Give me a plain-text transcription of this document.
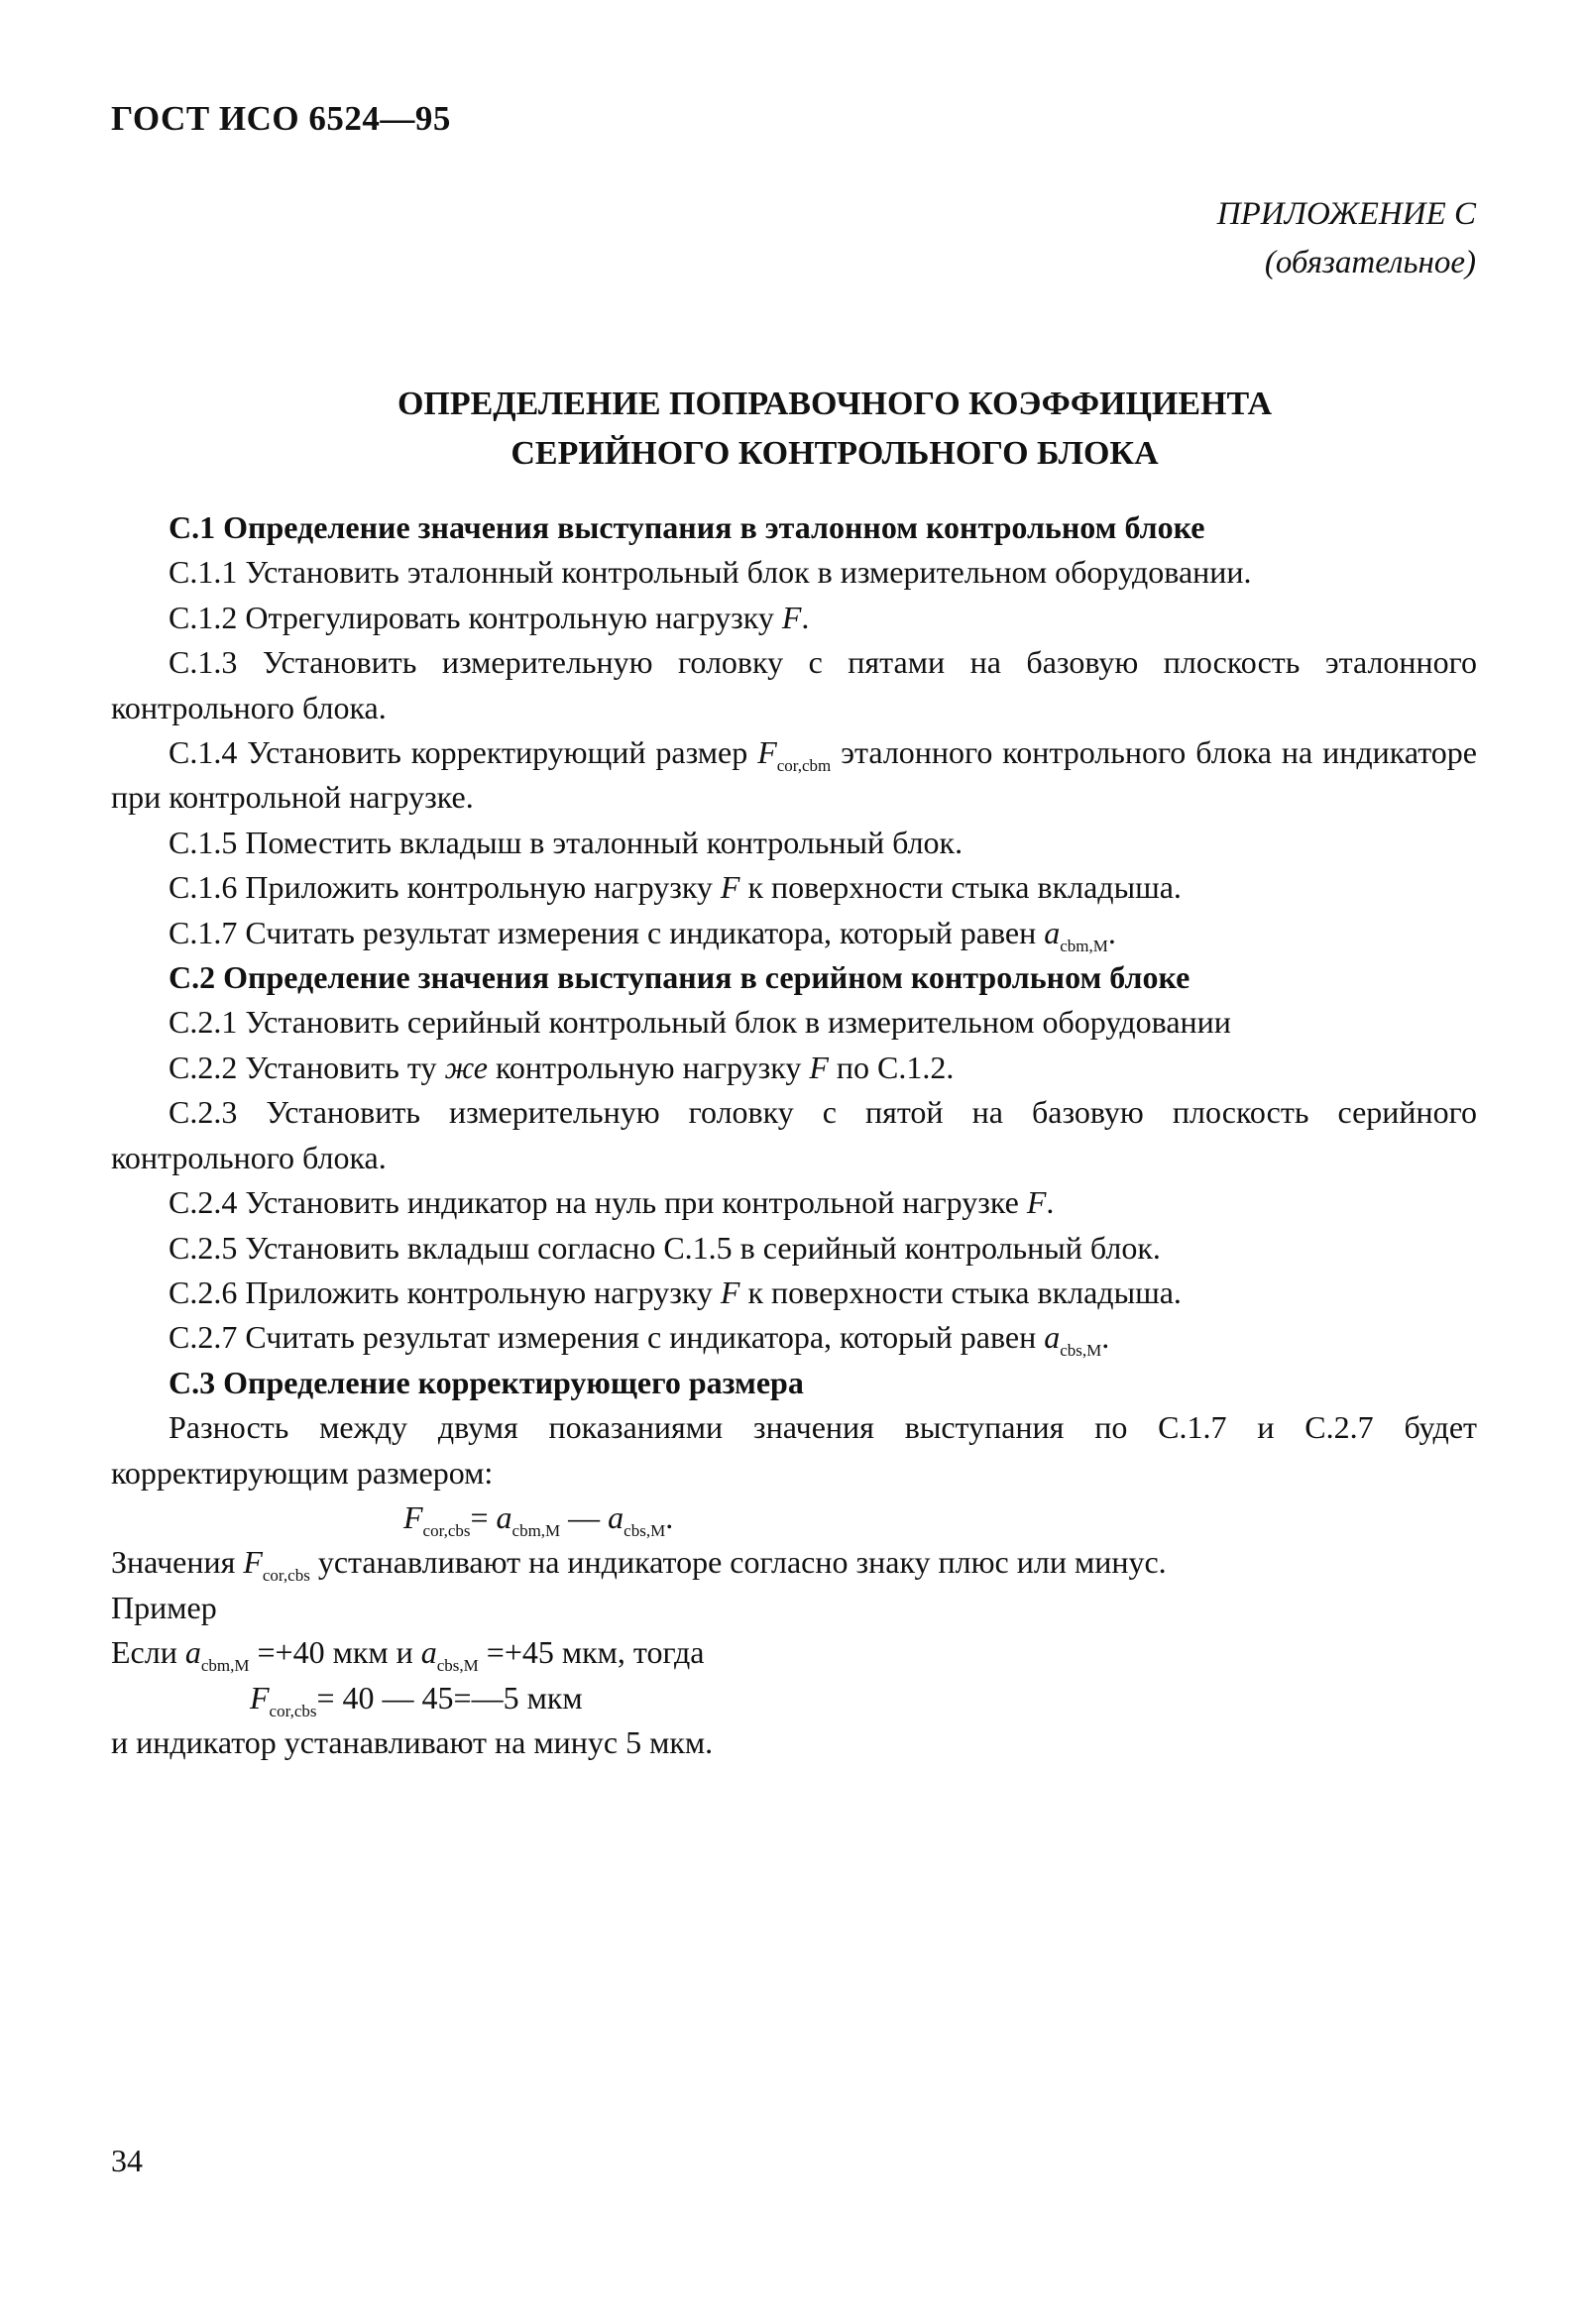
ГОСТ ИСО 6524—95
ПРИЛОЖЕНИЕ С
(обязательное)
ОПРЕДЕЛЕНИЕ ПОПРАВОЧНОГО КОЭФФИЦИЕНТА
СЕРИЙНОГО КОНТРОЛЬНОГО БЛОКА

С.1 Определение значения выступания в эталонном контрольном блоке

С.1.1 Установить эталонный контрольный блок в измерительном оборудовании.

С.1.2 Отрегулировать контрольную нагрузку F.

С.1.3 Установить измерительную головку с пятами на базовую плоскость эталонного контрольного блока.

С.1.4 Установить корректирующий размер $F_{cor,cbm}$ эталонного контрольного блока на индикаторе при контрольной нагрузке.

С.1.5 Поместить вкладыш в эталонный контрольный блок.

С.1.6 Приложить контрольную нагрузку F к поверхности стыка вкладыша.

С.1.7 Считать результат измерения с индикатора, который равен $a_{cbm,M}$.

С.2 Определение значения выступания в серийном контрольном блоке

С.2.1 Установить серийный контрольный блок в измерительном оборудовании

С.2.2 Установить ту же контрольную нагрузку F по С.1.2.

С.2.3 Установить измерительную головку с пятой на базовую плоскость серийного контрольного блока.

С.2.4 Установить индикатор на нуль при контрольной нагрузке F.

С.2.5 Установить вкладыш согласно С.1.5 в серийный контрольный блок.

С.2.6 Приложить контрольную нагрузку F к поверхности стыка вкладыша.

С.2.7 Считать результат измерения с индикатора, который равен $a_{cbs,M}$.

С.3 Определение корректирующего размера

Разность между двумя показаниями значения выступания по С.1.7 и С.2.7 будет корректирующим размером:

$F_{cor,cbs}= a_{cbm,M}$ — $a_{cbs,M}$.

Значения $F_{cor,cbs}$ устанавливают на индикаторе согласно знаку плюс или минус.

Пример

Если $a_{cbm,M} =+40$ мкм и $a_{cbs,M} =+45$ мкм, тогда

$F_{cor,cbs}= 40$ — 45=—5 мкм

и индикатор устанавливают на минус 5 мкм.

34
